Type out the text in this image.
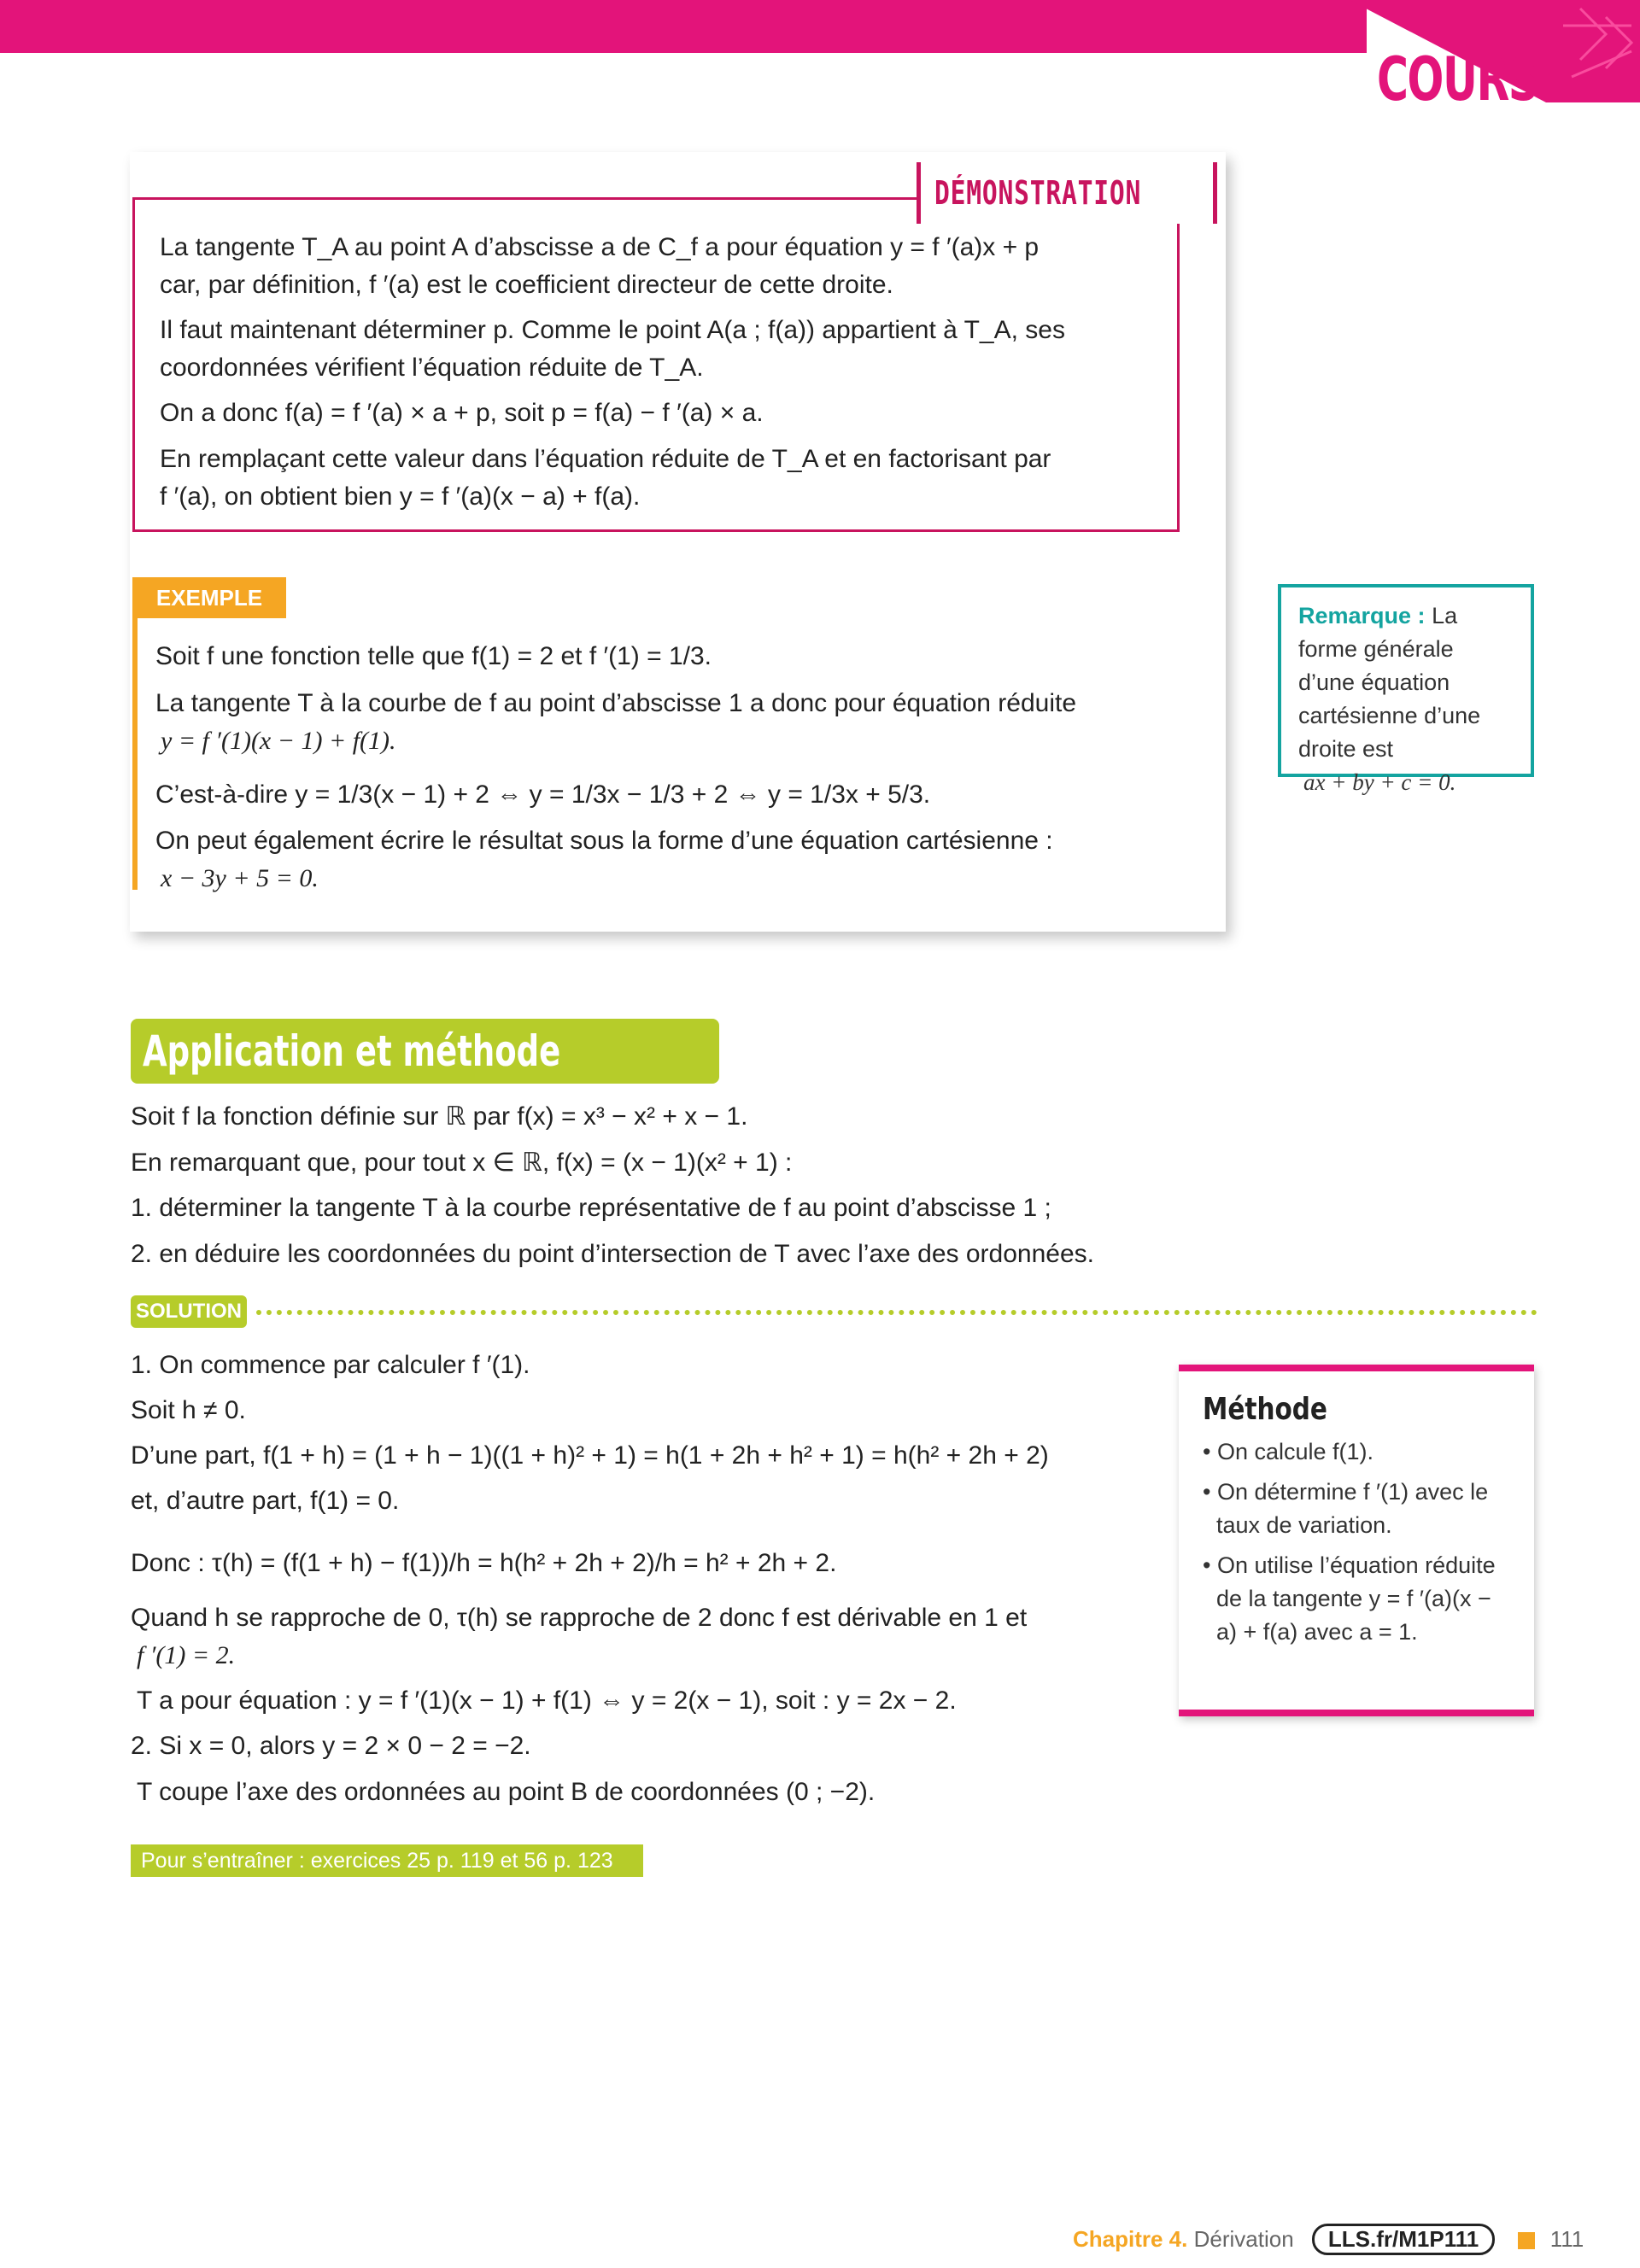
COURS
DÉMONSTRATION
La tangente T_A au point A d’abscisse a de C_f a pour équation y = f ′(a)x + p
car, par définition, f ′(a) est le coefficient directeur de cette droite.
Il faut maintenant déterminer p. Comme le point A(a ; f(a)) appartient à T_A, ses
coordonnées vérifient l’équation réduite de T_A.
On a donc f(a) = f ′(a) × a + p, soit p = f(a) − f ′(a) × a.
En remplaçant cette valeur dans l’équation réduite de T_A et en factorisant par
f ′(a), on obtient bien y = f ′(a)(x − a) + f(a).
EXEMPLE
Soit f une fonction telle que f(1) = 2 et f ′(1) = 1/3.
La tangente T à la courbe de f au point d’abscisse 1 a donc pour équation réduite
y = f ′(1)(x − 1) + f(1).
C’est-à-dire y = 1/3(x − 1) + 2 ⇔ y = 1/3x − 1/3 + 2 ⇔ y = 1/3x + 5/3.
On peut également écrire le résultat sous la forme d’une équation cartésienne :
x − 3y + 5 = 0.
Remarque : La forme générale d’une équation cartésienne d’une droite est
ax + by + c = 0.
Application et méthode
Soit f la fonction définie sur ℝ par f(x) = x³ − x² + x − 1.
En remarquant que, pour tout x ∈ ℝ, f(x) = (x − 1)(x² + 1) :
1. déterminer la tangente T à la courbe représentative de f au point d’abscisse 1 ;
2. en déduire les coordonnées du point d’intersection de T avec l’axe des ordonnées.
SOLUTION
1. On commence par calculer f ′(1).
Soit h ≠ 0.
D’une part, f(1 + h) = (1 + h − 1)((1 + h)² + 1) = h(1 + 2h + h² + 1) = h(h² + 2h + 2)
et, d’autre part, f(1) = 0.
Donc : τ(h) = (f(1 + h) − f(1))/h = h(h² + 2h + 2)/h = h² + 2h + 2.
Quand h se rapproche de 0, τ(h) se rapproche de 2 donc f est dérivable en 1 et
f ′(1) = 2.
T a pour équation : y = f ′(1)(x − 1) + f(1) ⇔ y = 2(x − 1), soit : y = 2x − 2.
2. Si x = 0, alors y = 2 × 0 − 2 = −2.
T coupe l’axe des ordonnées au point B de coordonnées (0 ; −2).
Méthode
• On calcule f(1).
• On détermine f ′(1) avec le taux de variation.
• On utilise l’équation réduite de la tangente y = f ′(a)(x − a) + f(a) avec a = 1.
Pour s’entraîner : exercices 25 p. 119 et 56 p. 123
Chapitre 4. Dérivation LLS.fr/M1P111	111
